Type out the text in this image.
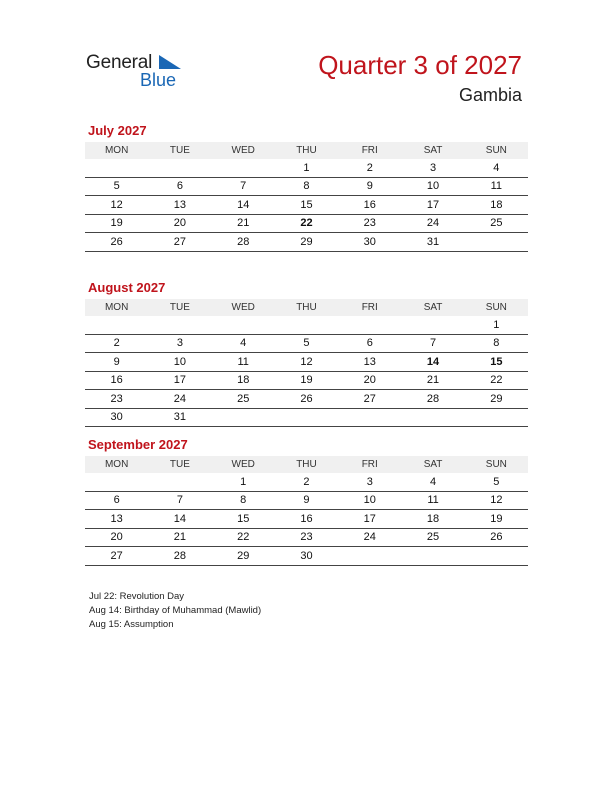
General
Blue	Quarter 3 of 2027
Gambia
July 2027
MON	TUE	WED	THU	FRI	SAT	SUN
			1	2	3	4
5	6	7	8	9	10	11
12	13	14	15	16	17	18
19	20	21	22	23	24	25
26	27	28	29	30	31	
August 2027
MON	TUE	WED	THU	FRI	SAT	SUN
						1
2	3	4	5	6	7	8
9	10	11	12	13	14	15
16	17	18	19	20	21	22
23	24	25	26	27	28	29
30	31					
September 2027
MON	TUE	WED	THU	FRI	SAT	SUN
		1	2	3	4	5
6	7	8	9	10	11	12
13	14	15	16	17	18	19
20	21	22	23	24	25	26
27	28	29	30			
Jul 22: Revolution Day
Aug 14: Birthday of Muhammad (Mawlid)
Aug 15: Assumption
